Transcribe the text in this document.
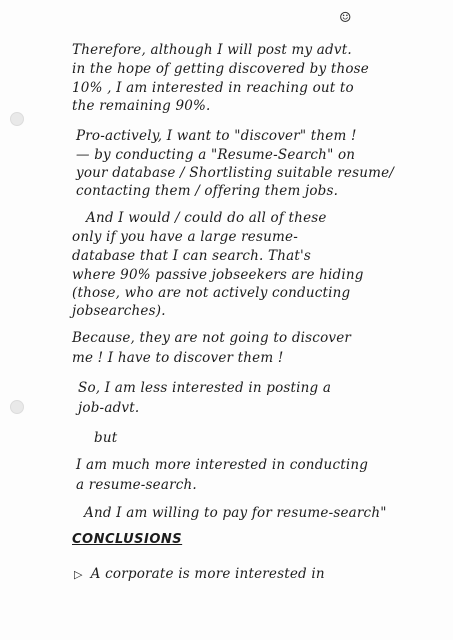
☺
Therefore, although I will post my advt.
in the hope of getting discovered by those
10% , I am interested in reaching out to
the remaining 90%.
Pro-actively, I want to "discover" them !
— by conducting a "Resume-Search" on
your database / Shortlisting suitable resume/
contacting them / offering them jobs.
And I would / could do all of these
only if you have a large resume-
database that I can search. That's
where 90% passive jobseekers are hiding
(those, who are not actively conducting
jobsearches).
Because, they are not going to discover
me ! I have to discover them !
So, I am less interested in posting a
job-advt.
but
I am much more interested in conducting
a resume-search.
And I am willing to pay for resume-search"
CONCLUSIONS
▷ A corporate is more interested in
